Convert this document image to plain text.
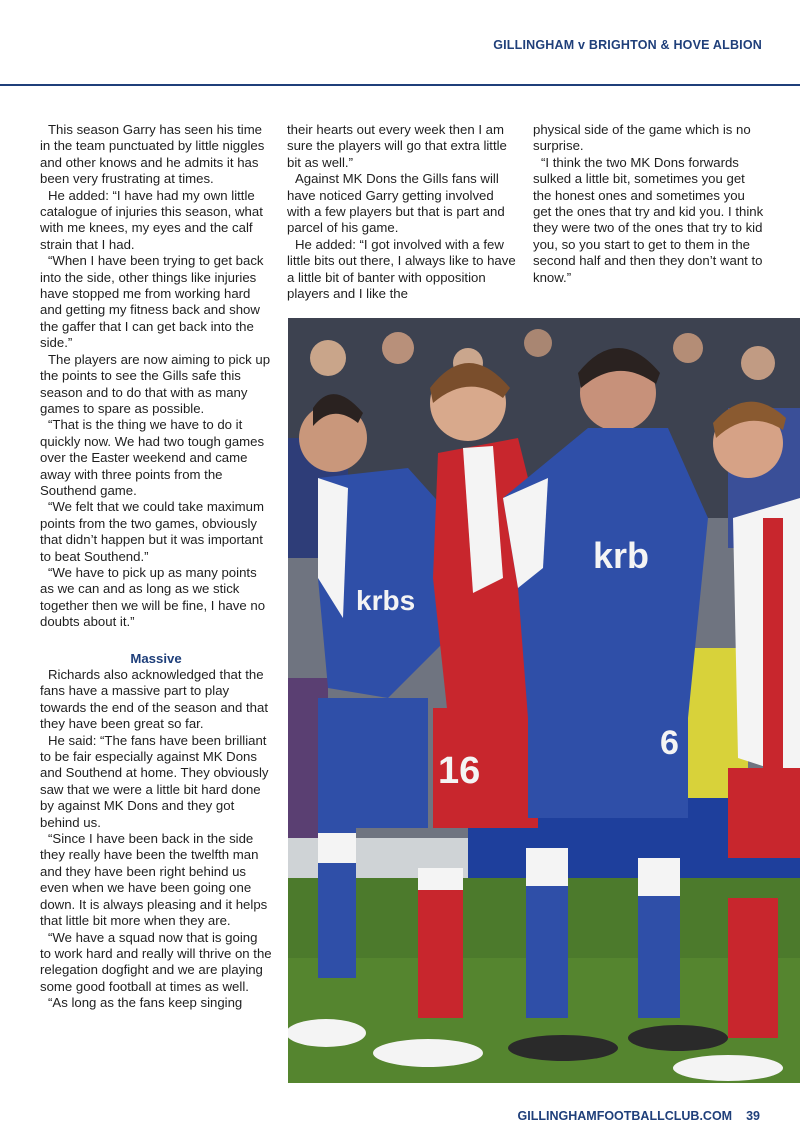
GILLINGHAM v BRIGHTON & HOVE ALBION

This season Garry has seen his time in the team punctuated by little niggles and other knows and he admits it has been very frustrating at times.

He added: “I have had my own little catalogue of injuries this season, what with me knees, my eyes and the calf strain that I had.

“When I have been trying to get back into the side, other things like injuries have stopped me from working hard and getting my fitness back and show the gaffer that I can get back into the side.”

The players are now aiming to pick up the points to see the Gills safe this season and to do that with as many games to spare as possible.

“That is the thing we have to do it quickly now. We had two tough games over the Easter weekend and came away with three points from the Southend game.

“We felt that we could take maximum points from the two games, obviously that didn’t happen but it was important to beat Southend.”

“We have to pick up as many points as we can and as long as we stick together then we will be fine, I have no doubts about it.”

Massive

Richards also acknowledged that the fans have a massive part to play towards the end of the season and that they have been great so far.

He said: “The fans have been brilliant to be fair especially against MK Dons and Southend at home. They obviously saw that we were a little bit hard done by against MK Dons and they got behind us.

“Since I have been back in the side they really have been the twelfth man and they have been right behind us even when we have been going one down. It is always pleasing and it helps that little bit more when they are.

“We have a squad now that is going to work hard and really will thrive on the relegation dogfight and we are playing some good football at times as well.

“As long as the fans keep singing

their hearts out every week then I am sure the players will go that extra little bit as well.”

Against MK Dons the Gills fans will have noticed Garry getting involved with a few players but that is part and parcel of his game.

He added: “I got involved with a few little bits out there, I always like to have a little bit of banter with opposition players and I like the

physical side of the game which is no surprise.

“I think the two MK Dons forwards sulked a little bit, sometimes you get the honest ones and sometimes you get the ones that try and kid you. I think they were two of the ones that try to kid you, so you start to get to them in the second half and then they don’t want to know.”

16
krb
krbs
6
GILLINGHAMFOOTBALLCLUB.COM 39
